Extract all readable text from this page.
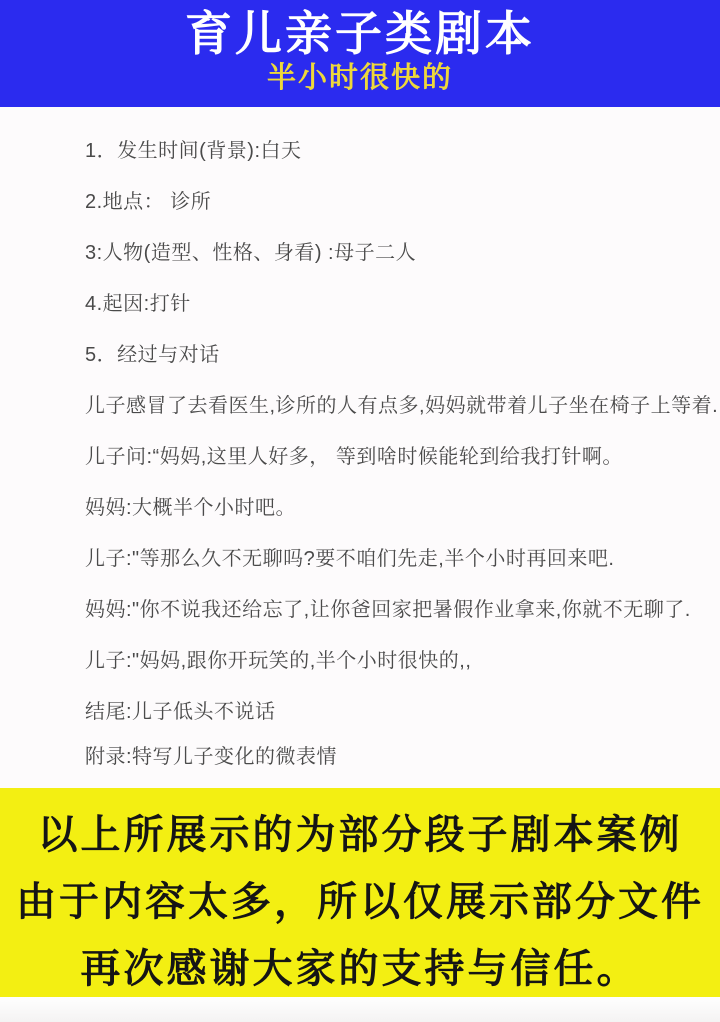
育儿亲子类剧本
半小时很快的
1．发生时间(背景):白天
2.地点： 诊所
3:人物(造型、性格、身看) :母子二人
4.起因:打针
5．经过与对话
儿子感冒了去看医生,诊所的人有点多,妈妈就带着儿子坐在椅子上等着.
儿子问:“妈妈,这里人好多， 等到啥时候能轮到给我打针啊。
妈妈:大概半个小时吧。
儿子:"等那么久不无聊吗?要不咱们先走,半个小时再回来吧.
妈妈:"你不说我还给忘了,让你爸回家把暑假作业拿来,你就不无聊了.
儿子:"妈妈,跟你开玩笑的,半个小时很快的,,
结尾:儿子低头不说话
附录:特写儿子变化的微表情
以上所展示的为部分段子剧本案例
由于内容太多，所以仅展示部分文件
再次感谢大家的支持与信任。
